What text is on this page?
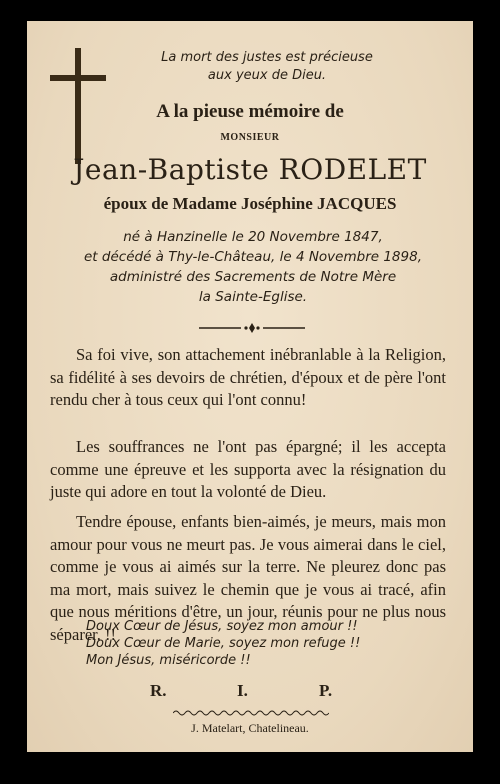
La mort des justes est précieuse
aux yeux de Dieu.
A la pieuse mémoire de
MONSIEUR
Jean-Baptiste RODELET
époux de Madame Joséphine JACQUES
né à Hanzinelle le 20 Novembre 1847,
et décédé à Thy-le-Château, le 4 Novembre 1898,
administré des Sacrements de Notre Mère
la Sainte-Eglise.
Sa foi vive, son attachement inébranlable à la Religion, sa fidélité à ses devoirs de chrétien, d'époux et de père l'ont rendu cher à tous ceux qui l'ont connu!
Les souffrances ne l'ont pas épargné; il les accepta comme une épreuve et les supporta avec la résignation du juste qui adore en tout la volonté de Dieu.
Tendre épouse, enfants bien-aimés, je meurs, mais mon amour pour vous ne meurt pas. Je vous aimerai dans le ciel, comme je vous ai aimés sur la terre. Ne pleurez donc pas ma mort, mais suivez le chemin que je vous ai tracé, afin que nous méritions d'être, un jour, réunis pour ne plus nous séparer. !!
Doux Cœur de Jésus, soyez mon amour !!
Doux Cœur de Marie, soyez mon refuge !!
Mon Jésus, miséricorde !!
R.	I.	P.
J. Matelart, Chatelineau.
